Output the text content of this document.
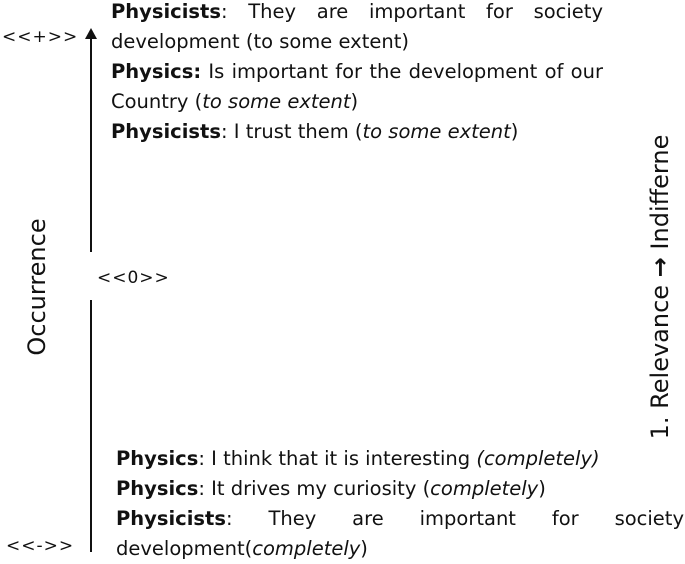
<<+>>
<<0>>
<<->>
Occurrence	1. Relevance → Indifferne
Physicists: They are important for society
development (to some extent)
Physics: Is important for the development of our
Country (to some extent)
Physicists: I trust them (to some extent)
Physics: I think that it is interesting (completely)
Physics: It drives my curiosity (completely)
Physicists: They are important for society
development(completely)
